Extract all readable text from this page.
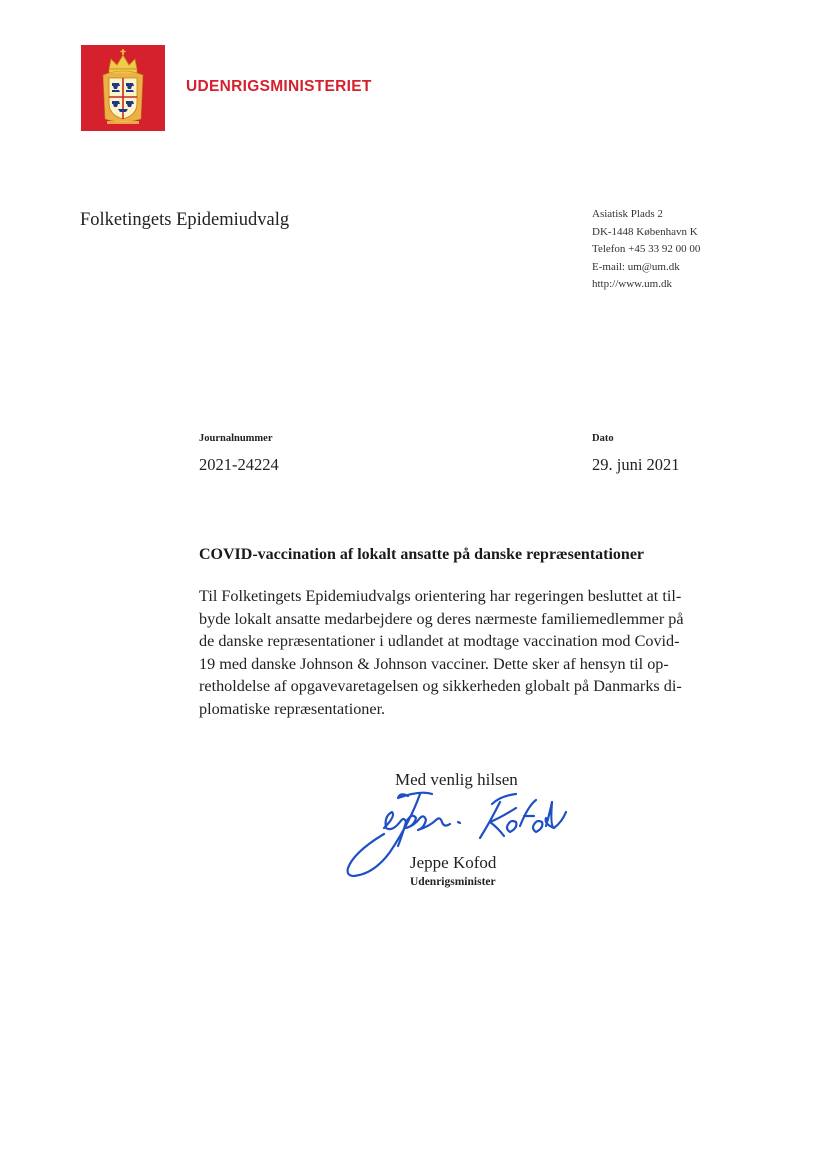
UDENRIGSMINISTERIET
Folketingets Epidemiudvalg	Asiatisk Plads 2
DK-1448 København K
Telefon +45 33 92 00 00
E-mail: um@um.dk
http://www.um.dk
Journalnummer
2021-24224
Dato
29. juni 2021
COVID-vaccination af lokalt ansatte på danske repræsentationer
Til Folketingets Epidemiudvalgs orientering har regeringen besluttet at til-
byde lokalt ansatte medarbejdere og deres nærmeste familiemedlemmer på
de danske repræsentationer i udlandet at modtage vaccination mod Covid-
19 med danske Johnson & Johnson vacciner. Dette sker af hensyn til op-
retholdelse af opgavevaretagelsen og sikkerheden globalt på Danmarks di-
plomatiske repræsentationer.
Med venlig hilsen
Jeppe Kofod
Udenrigsminister
